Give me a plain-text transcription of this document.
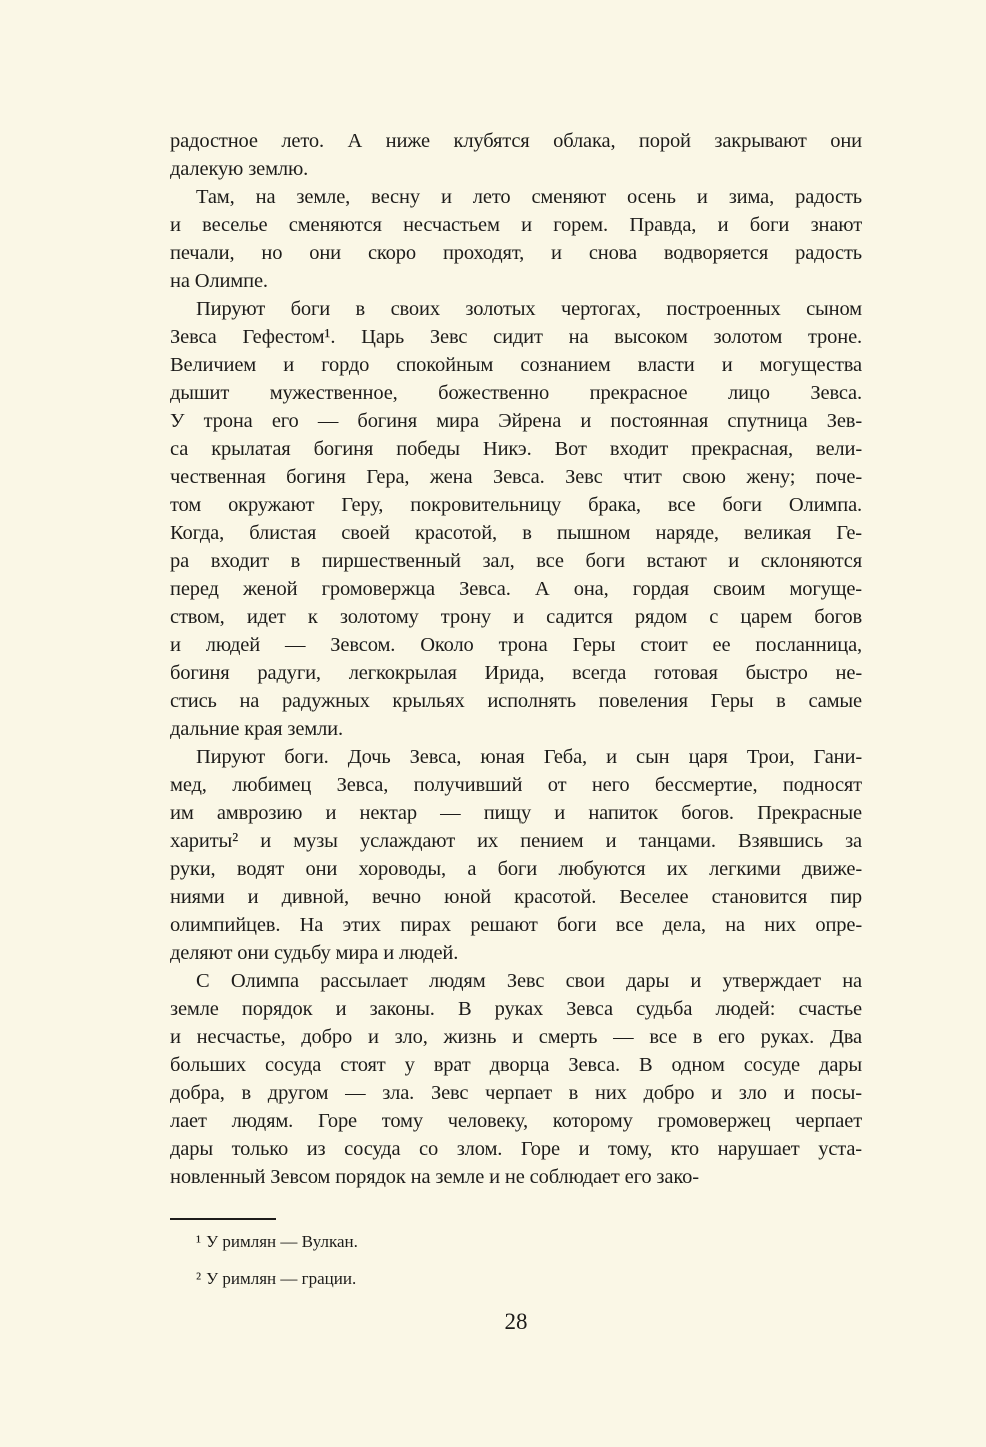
радостное лето. А ниже клубятся облака, порой закрывают они
далекую землю.
Там, на земле, весну и лето сменяют осень и зима, радость
и веселье сменяются несчастьем и горем. Правда, и боги знают
печали, но они скоро проходят, и снова водворяется радость
на Олимпе.
Пируют боги в своих золотых чертогах, построенных сыном
Зевса Гефестом¹. Царь Зевс сидит на высоком золотом троне.
Величием и гордо спокойным сознанием власти и могущества
дышит мужественное, божественно прекрасное лицо Зевса.
У трона его — богиня мира Эйрена и постоянная спутница Зев-
са крылатая богиня победы Никэ. Вот входит прекрасная, вели-
чественная богиня Гера, жена Зевса. Зевс чтит свою жену; поче-
том окружают Геру, покровительницу брака, все боги Олимпа.
Когда, блистая своей красотой, в пышном наряде, великая Ге-
ра входит в пиршественный зал, все боги встают и склоняются
перед женой громовержца Зевса. А она, гордая своим могуще-
ством, идет к золотому трону и садится рядом с царем богов
и людей — Зевсом. Около трона Геры стоит ее посланница,
богиня радуги, легкокрылая Ирида, всегда готовая быстро не-
стись на радужных крыльях исполнять повеления Геры в самые
дальние края земли.
Пируют боги. Дочь Зевса, юная Геба, и сын царя Трои, Гани-
мед, любимец Зевса, получивший от него бессмертие, подносят
им амврозию и нектар — пищу и напиток богов. Прекрасные
хариты² и музы услаждают их пением и танцами. Взявшись за
руки, водят они хороводы, а боги любуются их легкими движе-
ниями и дивной, вечно юной красотой. Веселее становится пир
олимпийцев. На этих пирах решают боги все дела, на них опре-
деляют они судьбу мира и людей.
С Олимпа рассылает людям Зевс свои дары и утверждает на
земле порядок и законы. В руках Зевса судьба людей: счастье
и несчастье, добро и зло, жизнь и смерть — все в его руках. Два
больших сосуда стоят у врат дворца Зевса. В одном сосуде дары
добра, в другом — зла. Зевс черпает в них добро и зло и посы-
лает людям. Горе тому человеку, которому громовержец черпает
дары только из сосуда со злом. Горе и тому, кто нарушает уста-
новленный Зевсом порядок на земле и не соблюдает его зако-
¹ У римлян — Вулкан.
² У римлян — грации.
28
